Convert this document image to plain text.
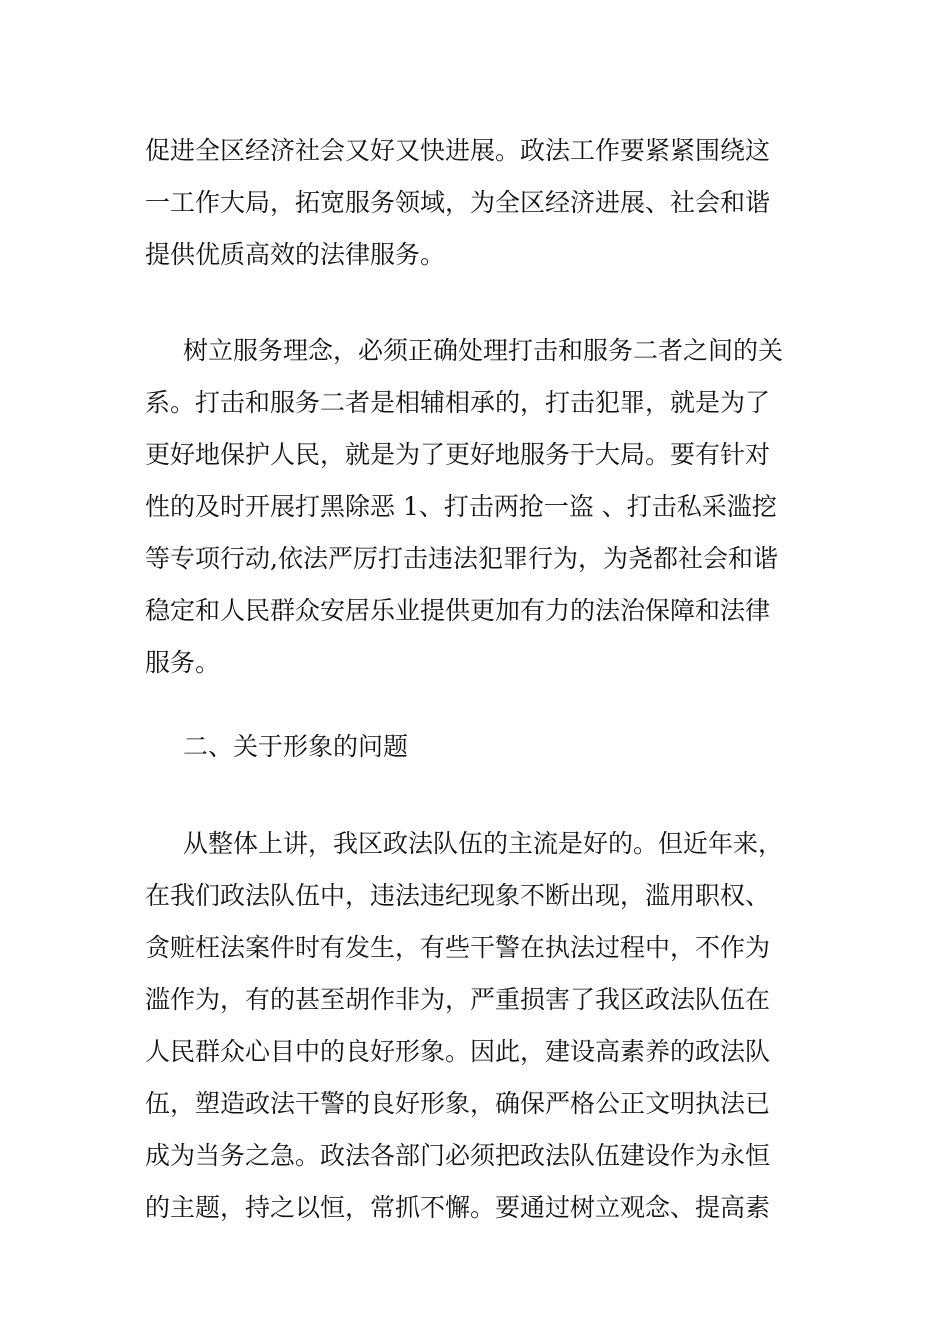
促进全区经济社会又好又快进展。政法工作要紧紧围绕这
一工作大局，拓宽服务领域，为全区经济进展、社会和谐
提供优质高效的法律服务。
树立服务理念，必须正确处理打击和服务二者之间的关
系。打击和服务二者是相辅相承的，打击犯罪，就是为了
更好地保护人民，就是为了更好地服务于大局。要有针对
性的及时开展打黑除恶 1、打击两抢一盗 、打击私采滥挖
等专项行动,依法严厉打击违法犯罪行为，为尧都社会和谐
稳定和人民群众安居乐业提供更加有力的法治保障和法律
服务。
二、关于形象的问题
从整体上讲，我区政法队伍的主流是好的。但近年来，
在我们政法队伍中，违法违纪现象不断出现，滥用职权、
贪赃枉法案件时有发生，有些干警在执法过程中，不作为
滥作为，有的甚至胡作非为，严重损害了我区政法队伍在
人民群众心目中的良好形象。因此，建设高素养的政法队
伍，塑造政法干警的良好形象，确保严格公正文明执法已
成为当务之急。政法各部门必须把政法队伍建设作为永恒
的主题，持之以恒，常抓不懈。要通过树立观念、提高素
